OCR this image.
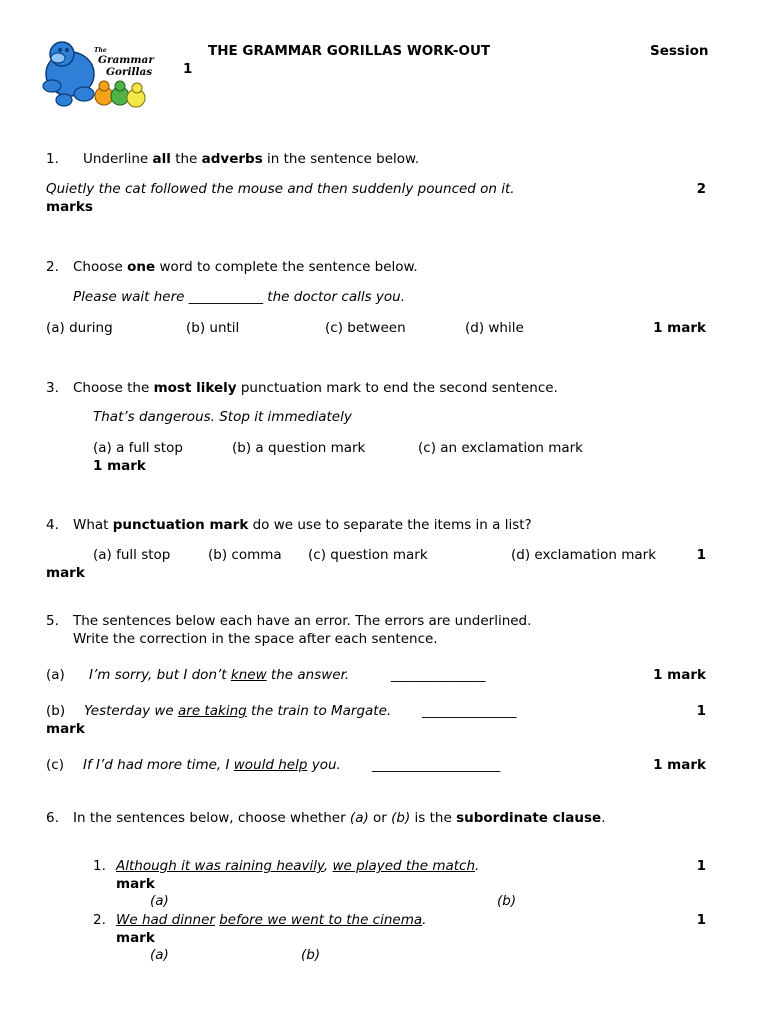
The
Grammar
Gorillas
THE GRAMMAR GORILLAS WORK-OUT	Session
1
1. Underline all the adverbs in the sentence below.
Quietly the cat followed the mouse and then suddenly pounced on it.	2
marks
2. Choose one word to complete the sentence below.
Please wait here ___________ the doctor calls you.
(a) during	(b) until	(c) between	(d) while	1 mark
3. Choose the most likely punctuation mark to end the second sentence.
That’s dangerous. Stop it immediately
(a) a full stop	(b) a question mark	(c) an exclamation mark
1 mark
4. What punctuation mark do we use to separate the items in a list?
(a) full stop	(b) comma (c) question mark	(d) exclamation mark	1
mark
5. The sentences below each have an error. The errors are underlined.
Write the correction in the space after each sentence.
(a) I’m sorry, but I don’t knew the answer.	______________	1 mark
(b) Yesterday we are taking the train to Margate. ______________	1
mark
(c) If I’d had more time, I would help you. ___________________	1 mark
6. In the sentences below, choose whether (a) or (b) is the subordinate clause.
1. Although it was raining heavily, we played the match.	1
mark
(a)	(b)
2. We had dinner before we went to the cinema.	1
mark
(a)	(b)
